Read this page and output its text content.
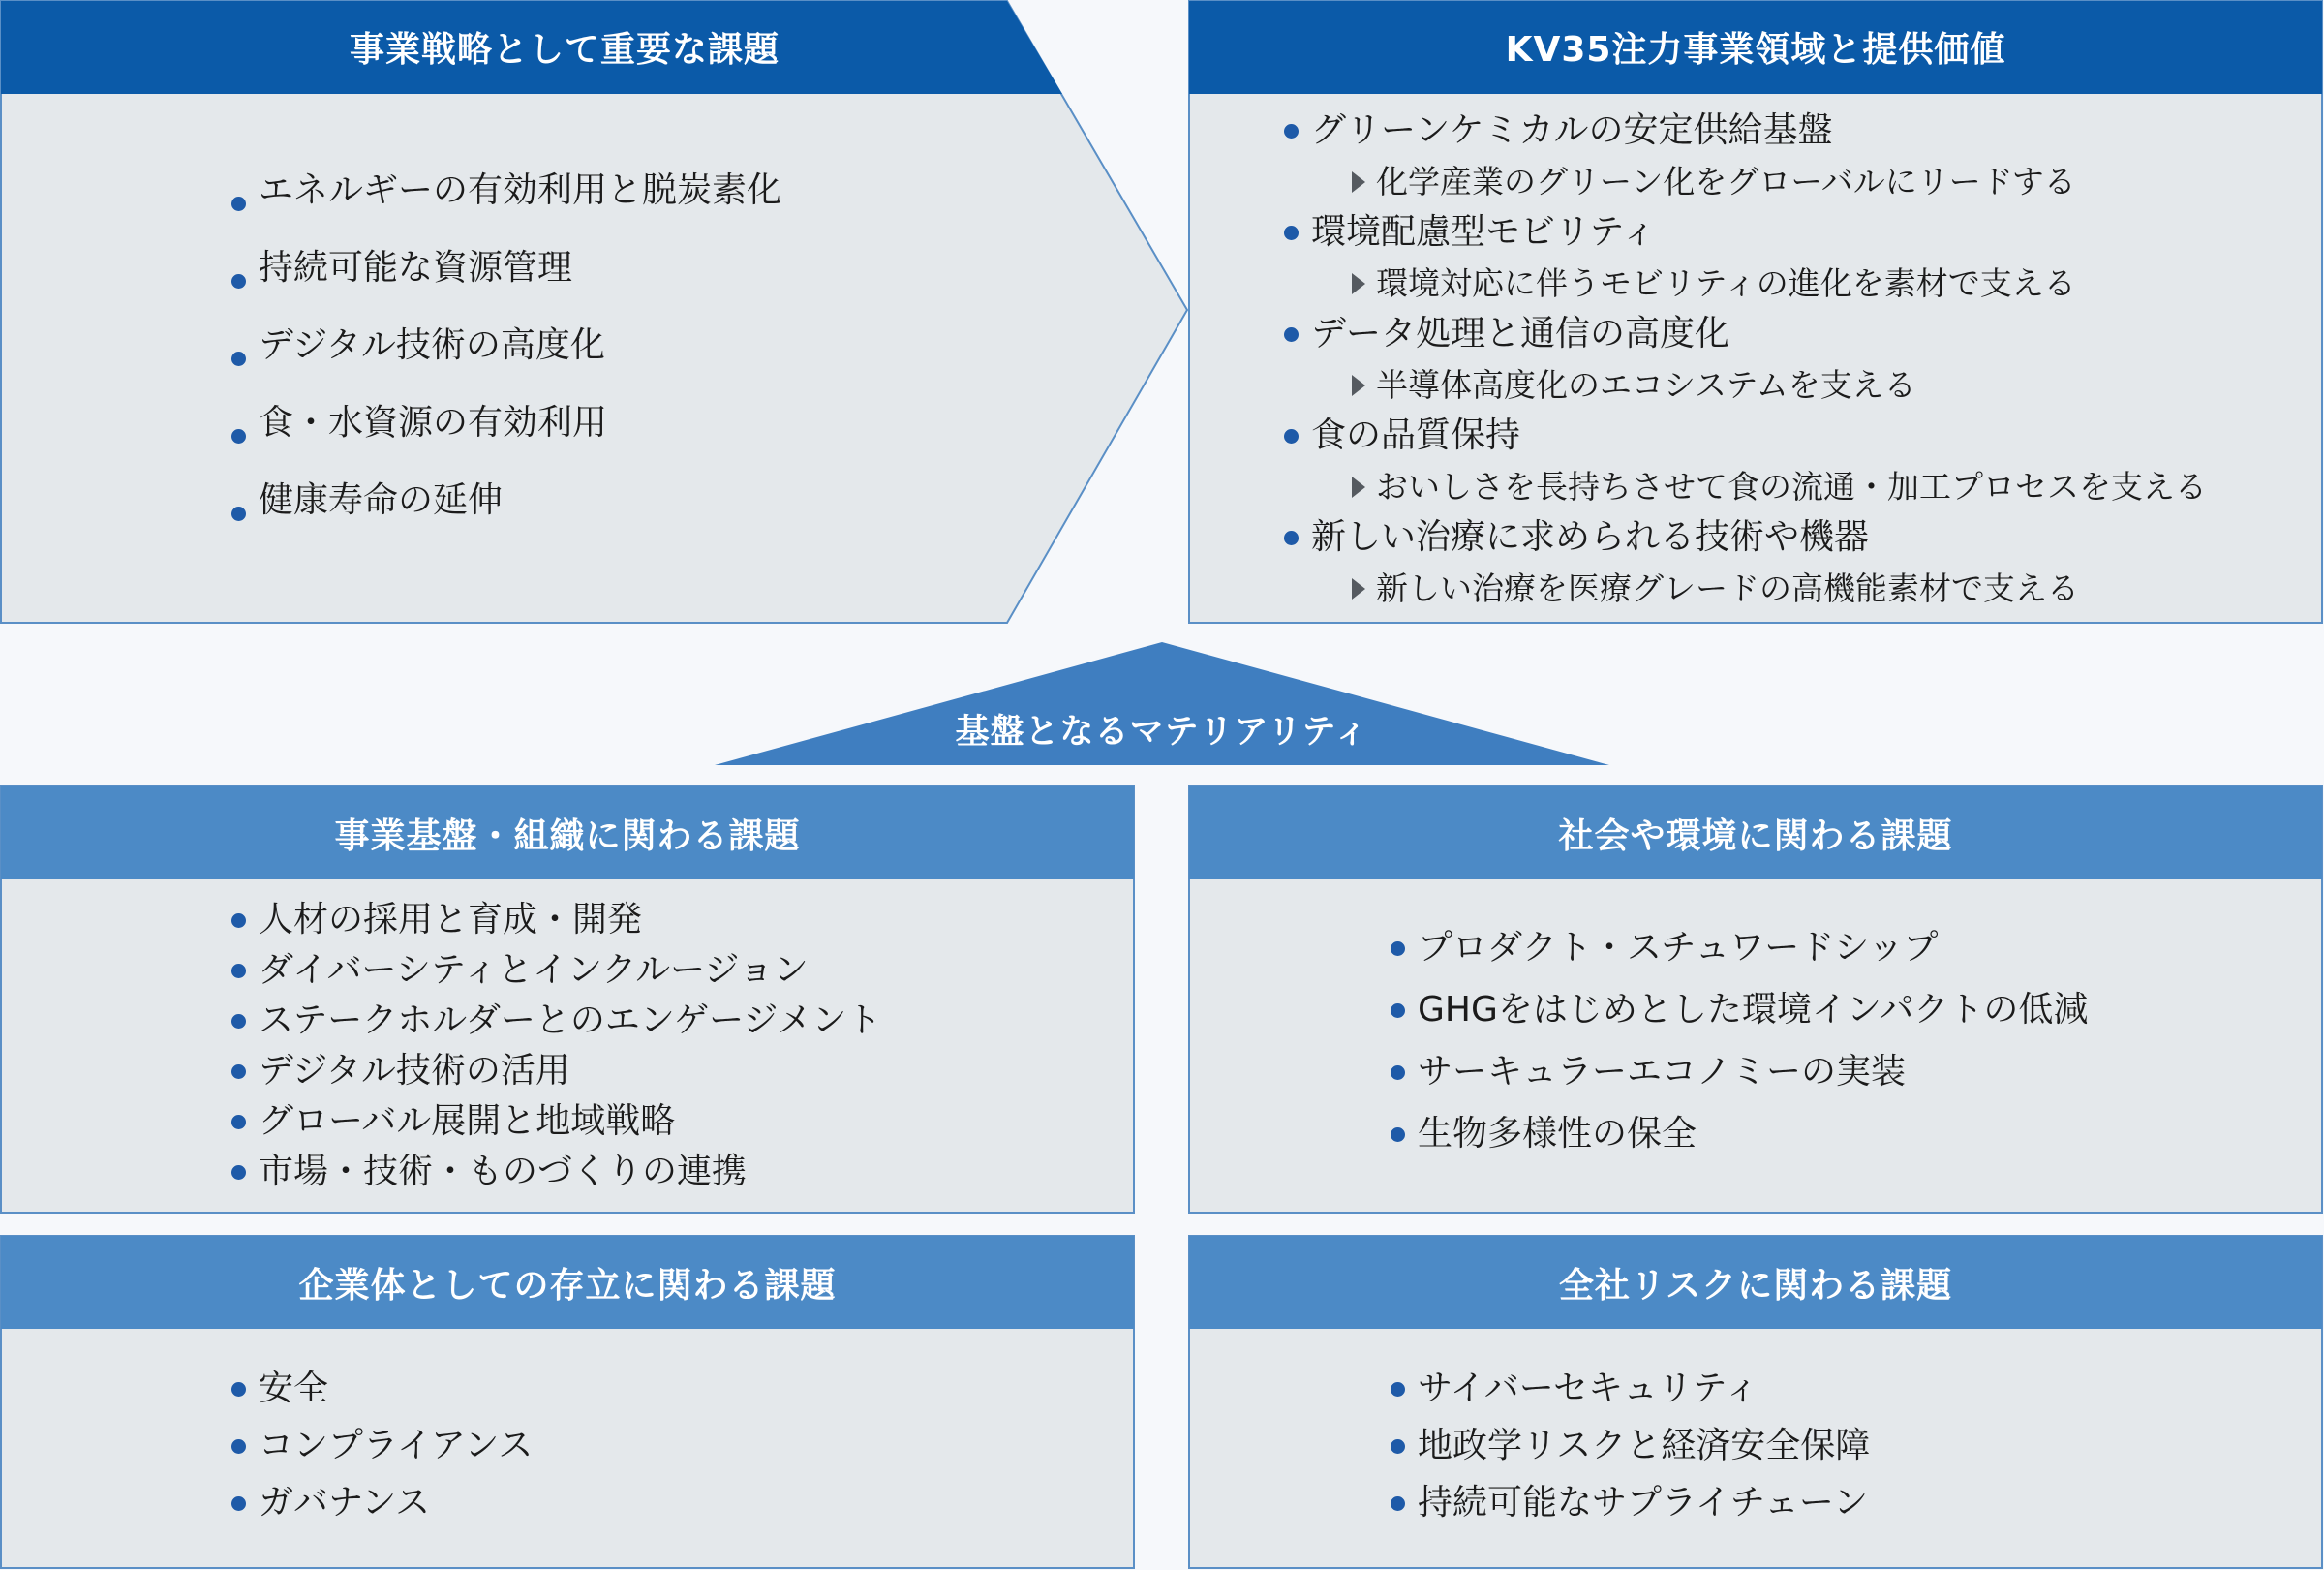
事業戦略として重要な課題
エネルギーの有効利用と脱炭素化
持続可能な資源管理
デジタル技術の高度化
食・水資源の有効利用
健康寿命の延伸
KV35注力事業領域と提供価値
グリーンケミカルの安定供給基盤
化学産業のグリーン化をグローバルにリードする
環境配慮型モビリティ
環境対応に伴うモビリティの進化を素材で支える
データ処理と通信の高度化
半導体高度化のエコシステムを支える
食の品質保持
おいしさを長持ちさせて食の流通・加工プロセスを支える
新しい治療に求められる技術や機器
新しい治療を医療グレードの高機能素材で支える
基盤となるマテリアリティ
事業基盤・組織に関わる課題
人材の採用と育成・開発
ダイバーシティとインクルージョン
ステークホルダーとのエンゲージメント
デジタル技術の活用
グローバル展開と地域戦略
市場・技術・ものづくりの連携
社会や環境に関わる課題
プロダクト・スチュワードシップ
GHGをはじめとした環境インパクトの低減
サーキュラーエコノミーの実装
生物多様性の保全
企業体としての存立に関わる課題
安全
コンプライアンス
ガバナンス
全社リスクに関わる課題
サイバーセキュリティ
地政学リスクと経済安全保障
持続可能なサプライチェーン
